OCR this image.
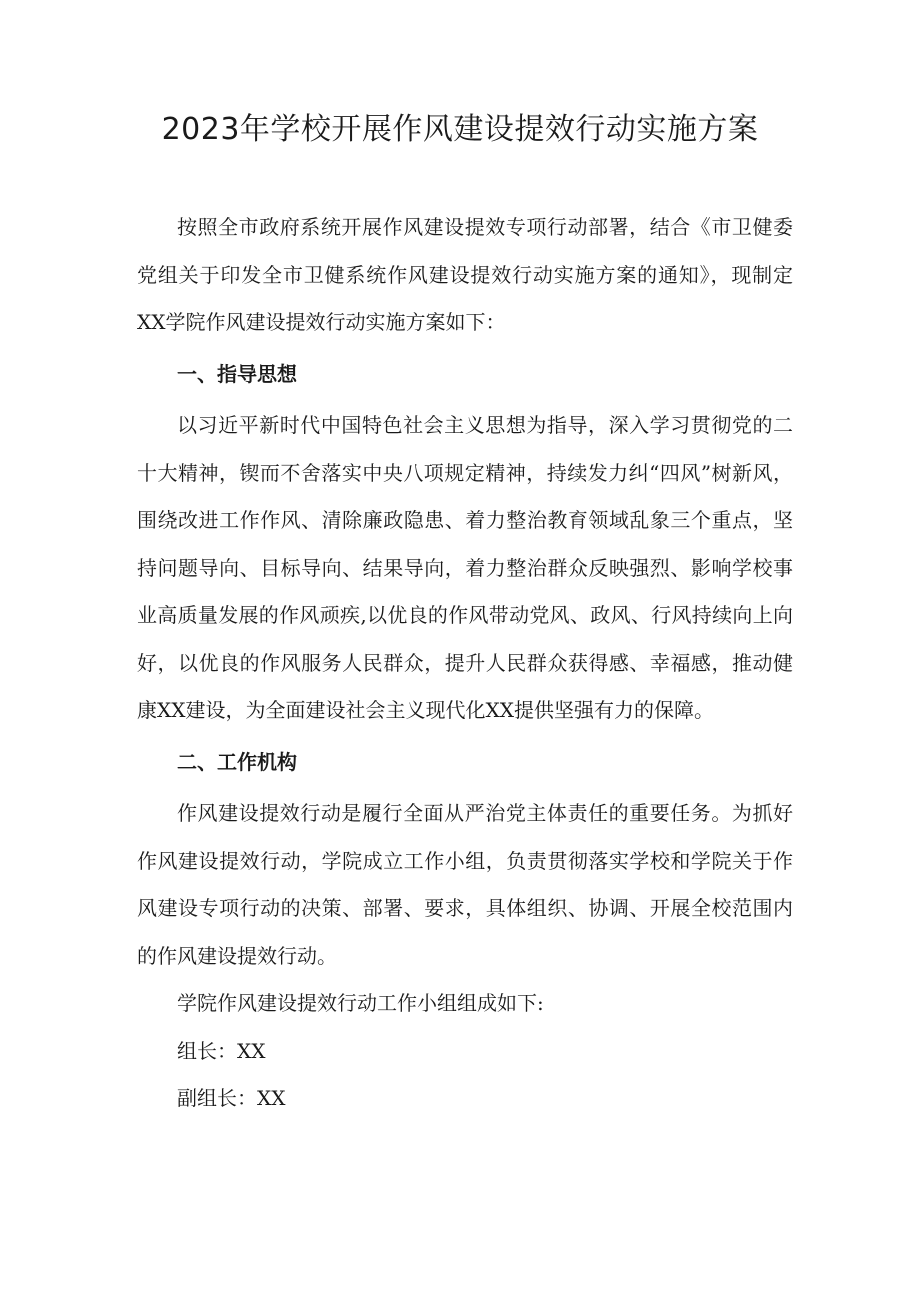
2023年学校开展作风建设提效行动实施方案

按照全市政府系统开展作风建设提效专项行动部署，结合《市卫健委党组关于印发全市卫健系统作风建设提效行动实施方案的通知》，现制定XX学院作风建设提效行动实施方案如下：

一、指导思想

以习近平新时代中国特色社会主义思想为指导，深入学习贯彻党的二十大精神，锲而不舍落实中央八项规定精神，持续发力纠“四风”树新风，围绕改进工作作风、清除廉政隐患、着力整治教育领域乱象三个重点，坚持问题导向、目标导向、结果导向，着力整治群众反映强烈、影响学校事业高质量发展的作风顽疾,以优良的作风带动党风、政风、行风持续向上向好，以优良的作风服务人民群众，提升人民群众获得感、幸福感，推动健康XX建设，为全面建设社会主义现代化XX提供坚强有力的保障。

二、工作机构

作风建设提效行动是履行全面从严治党主体责任的重要任务。为抓好作风建设提效行动，学院成立工作小组，负责贯彻落实学校和学院关于作风建设专项行动的决策、部署、要求，具体组织、协调、开展全校范围内的作风建设提效行动。

学院作风建设提效行动工作小组组成如下:

组长：XX

副组长：XX
